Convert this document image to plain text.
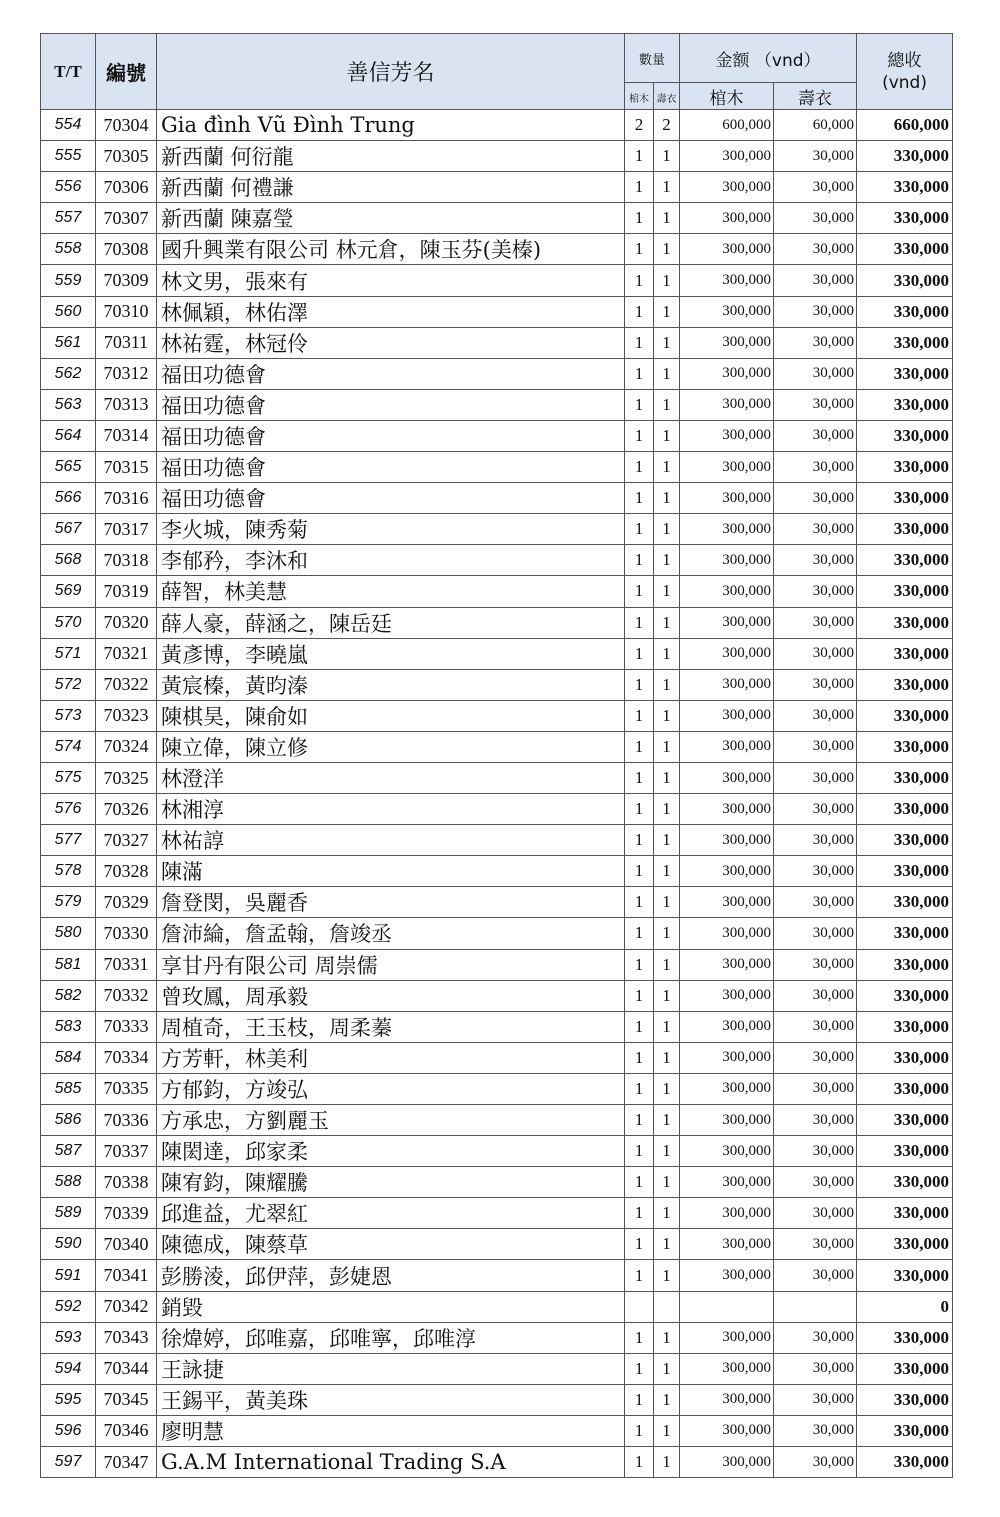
T/T	編號	善信芳名	數量		金额 （vnd）		總收
(vnd)

			棺木	壽衣	棺木	壽衣	
554	70304	Gia đình Vũ Đình Trung	2	2	600,000	60,000	660,000
555	70305	新西蘭 何衍龍	1	1	300,000	30,000	330,000
556	70306	新西蘭 何禮謙	1	1	300,000	30,000	330,000
557	70307	新西蘭 陳嘉瑩	1	1	300,000	30,000	330,000
558	70308	國升興業有限公司 林元倉，陳玉芬(美榛)	1	1	300,000	30,000	330,000
559	70309	林文男，張來有	1	1	300,000	30,000	330,000
560	70310	林佩穎，林佑澤	1	1	300,000	30,000	330,000
561	70311	林祐霆，林冠伶	1	1	300,000	30,000	330,000
562	70312	福田功德會	1	1	300,000	30,000	330,000
563	70313	福田功德會	1	1	300,000	30,000	330,000
564	70314	福田功德會	1	1	300,000	30,000	330,000
565	70315	福田功德會	1	1	300,000	30,000	330,000
566	70316	福田功德會	1	1	300,000	30,000	330,000
567	70317	李火城，陳秀菊	1	1	300,000	30,000	330,000
568	70318	李郁矜，李沐和	1	1	300,000	30,000	330,000
569	70319	薛智，林美慧	1	1	300,000	30,000	330,000
570	70320	薛人豪，薛涵之，陳岳廷	1	1	300,000	30,000	330,000
571	70321	黃彥博，李曉嵐	1	1	300,000	30,000	330,000
572	70322	黃宸榛，黃昀溱	1	1	300,000	30,000	330,000
573	70323	陳棋昊，陳俞如	1	1	300,000	30,000	330,000
574	70324	陳立偉，陳立修	1	1	300,000	30,000	330,000
575	70325	林澄洋	1	1	300,000	30,000	330,000
576	70326	林湘淳	1	1	300,000	30,000	330,000
577	70327	林祐諄	1	1	300,000	30,000	330,000
578	70328	陳滿	1	1	300,000	30,000	330,000
579	70329	詹登閔，吳麗香	1	1	300,000	30,000	330,000
580	70330	詹沛綸，詹孟翰，詹竣丞	1	1	300,000	30,000	330,000
581	70331	享甘丹有限公司 周崇儒	1	1	300,000	30,000	330,000
582	70332	曾玫鳳，周承毅	1	1	300,000	30,000	330,000
583	70333	周植奇，王玉枝，周柔蓁	1	1	300,000	30,000	330,000
584	70334	方芳軒，林美利	1	1	300,000	30,000	330,000
585	70335	方郁鈞，方竣弘	1	1	300,000	30,000	330,000
586	70336	方承忠，方劉麗玉	1	1	300,000	30,000	330,000
587	70337	陳閎達，邱家柔	1	1	300,000	30,000	330,000
588	70338	陳宥鈞，陳耀騰	1	1	300,000	30,000	330,000
589	70339	邱進益，尤翠紅	1	1	300,000	30,000	330,000
590	70340	陳德成，陳蔡草	1	1	300,000	30,000	330,000
591	70341	彭勝淩，邱伊萍，彭婕恩	1	1	300,000	30,000	330,000
592	70342	銷毀					0
593	70343	徐煒婷，邱唯嘉，邱唯寧，邱唯淳	1	1	300,000	30,000	330,000
594	70344	王詠捷	1	1	300,000	30,000	330,000
595	70345	王錫平，黃美珠	1	1	300,000	30,000	330,000
596	70346	廖明慧	1	1	300,000	30,000	330,000
597	70347	G.A.M International Trading S.A	1	1	300,000	30,000	330,000
